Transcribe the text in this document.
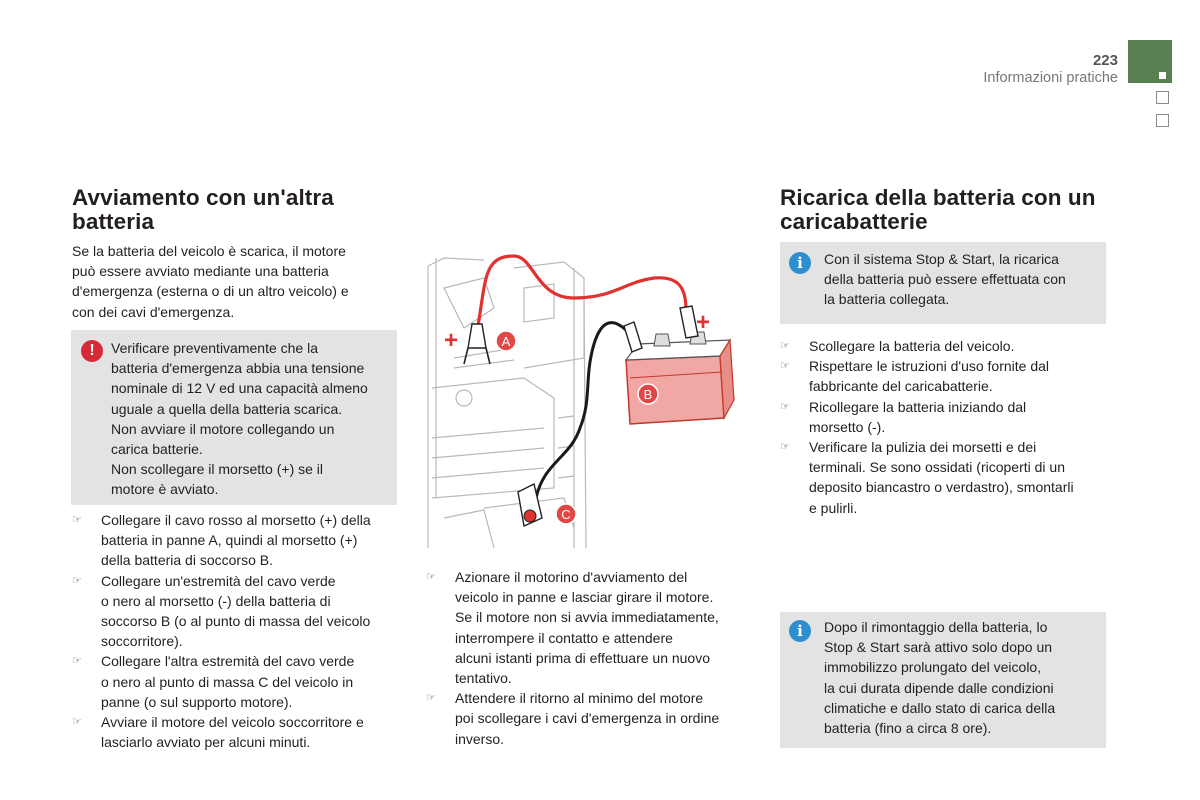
223
Informazioni pratiche
Avviamento con un'altra batteria

Se la batteria del veicolo è scarica, il motore

può essere avviato mediante una batteria

d'emergenza (esterna o di un altro veicolo) e

con dei cavi d'emergenza.

!	Verificare preventivamente che la

batteria d'emergenza abbia una tensione

nominale di 12 V ed una capacità almeno

uguale a quella della batteria scarica.

Non avviare il motore collegando un

carica batterie.

Non scollegare il morsetto (+) se il

motore è avviato.

☞ Collegare il cavo rosso al morsetto (+) della
batteria in panne A, quindi al morsetto (+)
della batteria di soccorso B.
☞ Collegare un'estremità del cavo verde
o nero al morsetto (-) della batteria di
soccorso B (o al punto di massa del veicolo
soccorritore).
☞ Collegare l'altra estremità del cavo verde
o nero al punto di massa C del veicolo in
panne (o sul supporto motore).
☞ Avviare il motore del veicolo soccorritore e
lasciarlo avviato per alcuni minuti.
+
+
A
B
C
☞ Azionare il motorino d'avviamento del
veicolo in panne e lasciar girare il motore.
Se il motore non si avvia immediatamente,
interrompere il contatto e attendere
alcuni istanti prima di effettuare un nuovo
tentativo.
☞ Attendere il ritorno al minimo del motore
poi scollegare i cavi d'emergenza in ordine
inverso.
Ricarica della batteria con un caricabatterie
i	Con il sistema Stop & Start, la ricarica

della batteria può essere effettuata con

la batteria collegata.

☞ Scollegare la batteria del veicolo.
☞ Rispettare le istruzioni d'uso fornite dal
fabbricante del caricabatterie.
☞ Ricollegare la batteria iniziando dal
morsetto (-).
☞ Verificare la pulizia dei morsetti e dei
terminali. Se sono ossidati (ricoperti di un
deposito biancastro o verdastro), smontarli
e pulirli.
i	Dopo il rimontaggio della batteria, lo

Stop & Start sarà attivo solo dopo un

immobilizzo prolungato del veicolo,

la cui durata dipende dalle condizioni

climatiche e dallo stato di carica della

batteria (fino a circa 8 ore).
